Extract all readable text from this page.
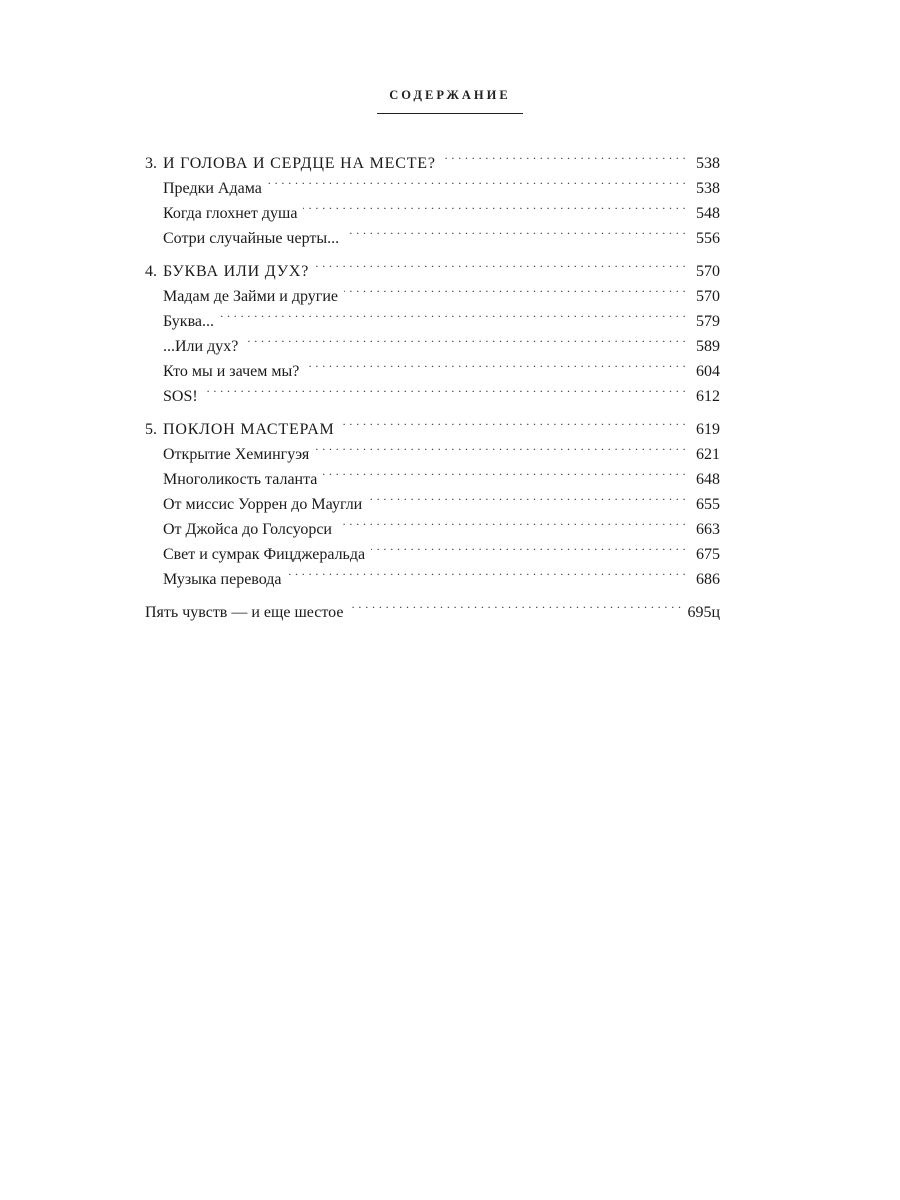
СОДЕРЖАНИЕ
3. И ГОЛОВА И СЕРДЦЕ НА МЕСТЕ? . . .	538
Предки Адама . . .	538
Когда глохнет душа . . .	548
Сотри случайные черты... . . .	556
4. БУКВА ИЛИ ДУХ? . . .	570
Мадам де Займи и другие . . .	570
Буква... . . .	579
...Или дух? . . .	589
Кто мы и зачем мы? . . .	604
SOS! . . .	612
5. ПОКЛОН МАСТЕРАМ . . .	619
Открытие Хемингуэя . . .	621
Многоликость таланта . . .	648
От миссис Уоррен до Маугли . . .	655
От Джойса до Голсуорси . . .	663
Свет и сумрак Фицджеральда . . .	675
Музыка перевода . . .	686
Пять чувств — и еще шестое . . .	695ц
